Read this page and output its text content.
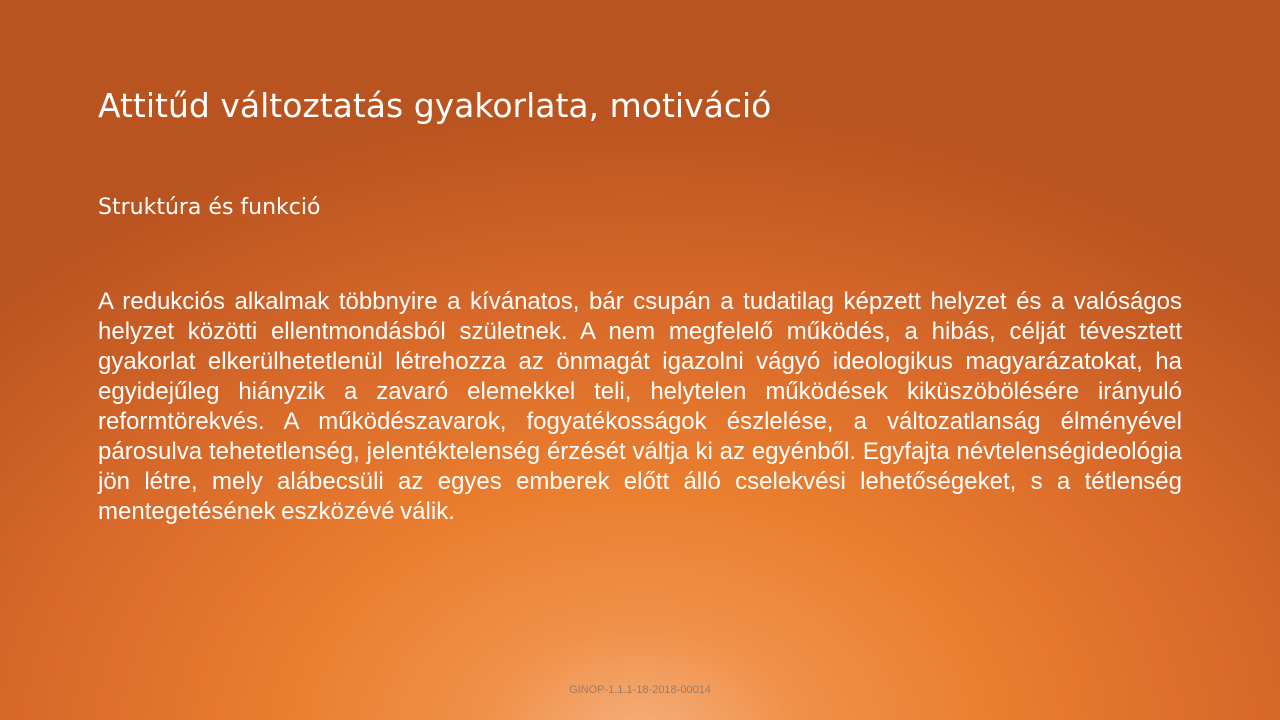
Attitűd változtatás gyakorlata, motiváció

Struktúra és funkció

A redukciós alkalmak többnyire a kívánatos, bár csupán a tudatilag képzett helyzet és a valóságos helyzet közötti ellentmondásból születnek. A nem megfelelő működés, a hibás, célját tévesztett gyakorlat elkerülhetetlenül létrehozza az önmagát igazolni vágyó ideologikus magyarázatokat, ha egyidejűleg hiányzik a zavaró elemekkel teli, helytelen működések kiküszöbölésére irányuló reformtörekvés. A működészavarok, fogyatékosságok észlelése, a változatlanság élményével párosulva tehetetlenség, jelentéktelenség érzését váltja ki az egyénből. Egyfajta névtelenségideológia jön létre, mely alábecsüli az egyes emberek előtt álló cselekvési lehetőségeket, s a tétlenség mentegetésének eszközévé válik.

GINOP-1.1.1-18-2018-00014
